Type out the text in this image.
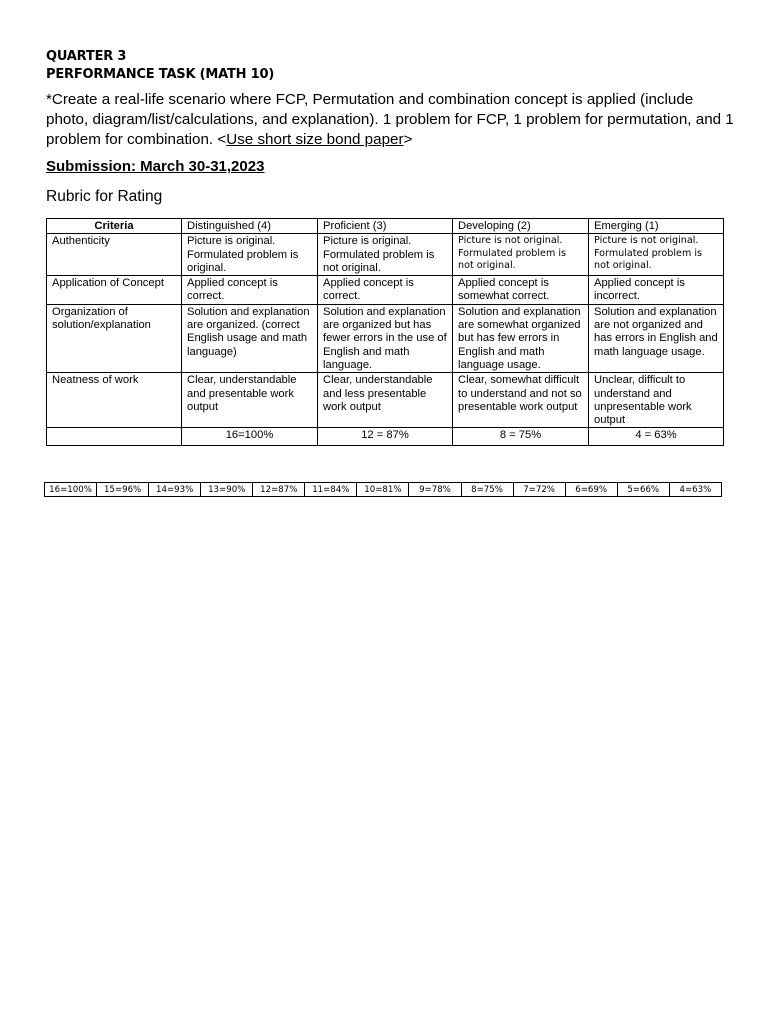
QUARTER 3
PERFORMANCE TASK (MATH 10)
*Create a real-life scenario where FCP, Permutation and combination concept is applied (include photo, diagram/list/calculations, and explanation). 1 problem for FCP, 1 problem for permutation, and 1 problem for combination. <Use short size bond paper>
Submission: March 30-31,2023
Rubric for Rating
Criteria	Distinguished (4)	Proficient (3)	Developing (2)	Emerging (1)
Authenticity	Picture is original. Formulated problem is original.	Picture is original. Formulated problem is not original.	Picture is not original. Formulated problem is not original.	Picture is not original. Formulated problem is not original.
Application of Concept	Applied concept is correct.	Applied concept is correct.	Applied concept is somewhat correct.	Applied concept is incorrect.
Organization of solution/explanation	Solution and explanation are organized. (correct English usage and math language)	Solution and explanation are organized but has fewer errors in the use of English and math language.	Solution and explanation are somewhat organized but has few errors in English and math language usage.	Solution and explanation are not organized and has errors in English and math language usage.
Neatness of work	Clear, understandable and presentable work output	Clear, understandable and less presentable work output	Clear, somewhat difficult to understand and not so presentable work output	Unclear, difficult to understand and unpresentable work output
	16=100%	12 = 87%	8 = 75%	4 = 63%
16=100%	15=96%	14=93%	13=90%	12=87%	11=84%	10=81%	9=78%	8=75%	7=72%	6=69%	5=66%	4=63%
